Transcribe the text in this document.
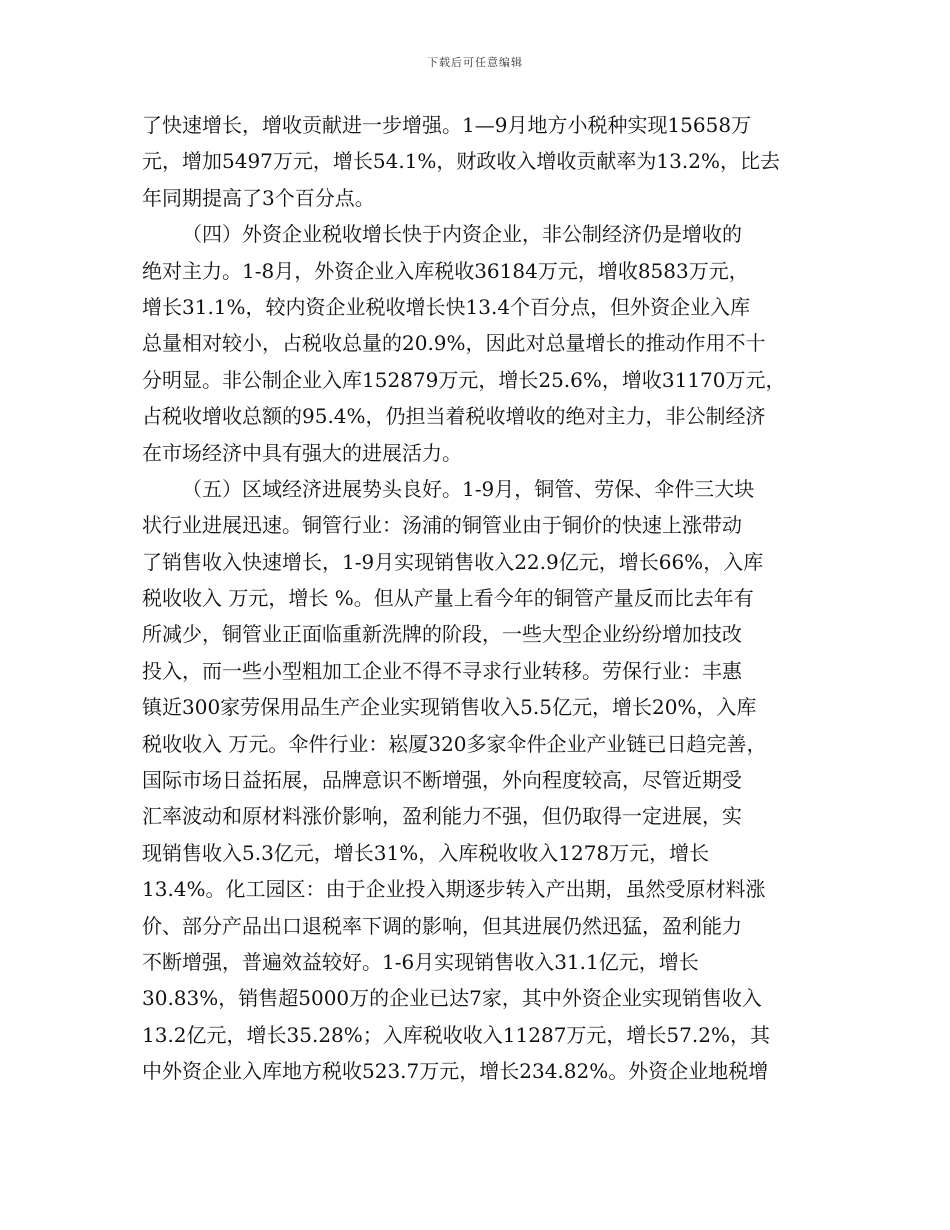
下载后可任意编辑
了快速增长，增收贡献进一步增强。1—9月地方小税种实现15658万
元，增加5497万元，增长54.1%，财政收入增收贡献率为13.2%，比去
年同期提高了3个百分点。
（四）外资企业税收增长快于内资企业，非公制经济仍是增收的
绝对主力。1-8月，外资企业入库税收36184万元，增收8583万元，
增长31.1%，较内资企业税收增长快13.4个百分点，但外资企业入库
总量相对较小，占税收总量的20.9%，因此对总量增长的推动作用不十
分明显。非公制企业入库152879万元，增长25.6%，增收31170万元，
占税收增收总额的95.4%，仍担当着税收增收的绝对主力，非公制经济
在市场经济中具有强大的进展活力。
（五）区域经济进展势头良好。1-9月，铜管、劳保、伞件三大块
状行业进展迅速。铜管行业：汤浦的铜管业由于铜价的快速上涨带动
了销售收入快速增长，1-9月实现销售收入22.9亿元，增长66%，入库
税收收入 万元，增长 %。但从产量上看今年的铜管产量反而比去年有
所减少，铜管业正面临重新洗牌的阶段，一些大型企业纷纷增加技改
投入，而一些小型粗加工企业不得不寻求行业转移。劳保行业：丰惠
镇近300家劳保用品生产企业实现销售收入5.5亿元，增长20%，入库
税收收入 万元。伞件行业：崧厦320多家伞件企业产业链已日趋完善，
国际市场日益拓展，品牌意识不断增强，外向程度较高，尽管近期受
汇率波动和原材料涨价影响，盈利能力不强，但仍取得一定进展，实
现销售收入5.3亿元，增长31%，入库税收收入1278万元，增长
13.4%。化工园区：由于企业投入期逐步转入产出期，虽然受原材料涨
价、部分产品出口退税率下调的影响，但其进展仍然迅猛，盈利能力
不断增强，普遍效益较好。1-6月实现销售收入31.1亿元，增长
30.83%，销售超5000万的企业已达7家，其中外资企业实现销售收入
13.2亿元，增长35.28%；入库税收收入11287万元，增长57.2%，其
中外资企业入库地方税收523.7万元，增长234.82%。外资企业地税增
